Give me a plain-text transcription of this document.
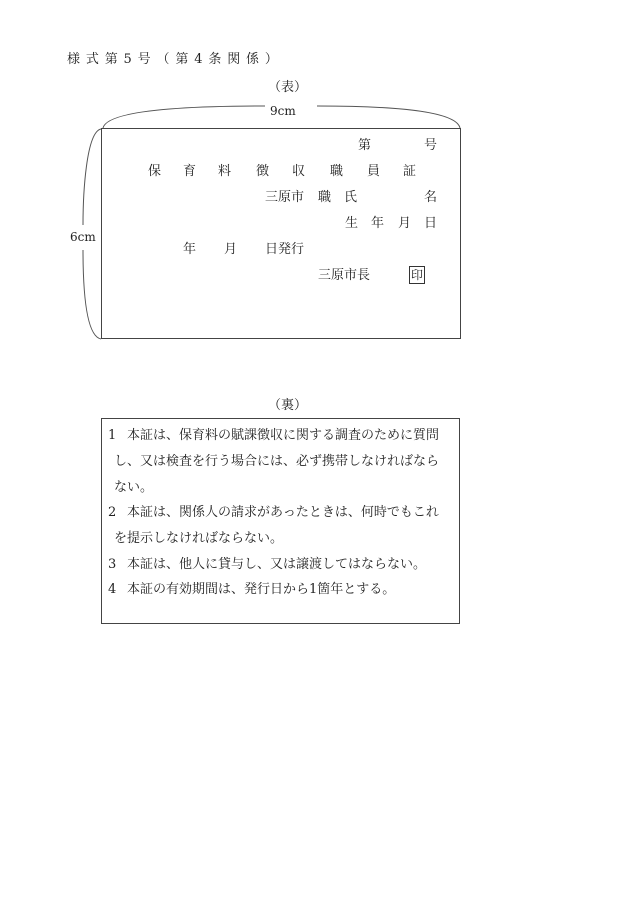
様式第5号（第4条関係）
（表）
9cm
6cm
第	号
保 育 料 徴 収 職 員 証
三原市 職 氏	名
生 年 月 日
年 月 日発行
三原市長	印
（裏）
1 本証は、保育料の賦課徴収に関する調査のために質問
し、又は検査を行う場合には、必ず携帯しなければなら
ない。
2 本証は、関係人の請求があったときは、何時でもこれ
を提示しなければならない。
3 本証は、他人に貸与し、又は譲渡してはならない。
4 本証の有効期間は、発行日から1箇年とする。
